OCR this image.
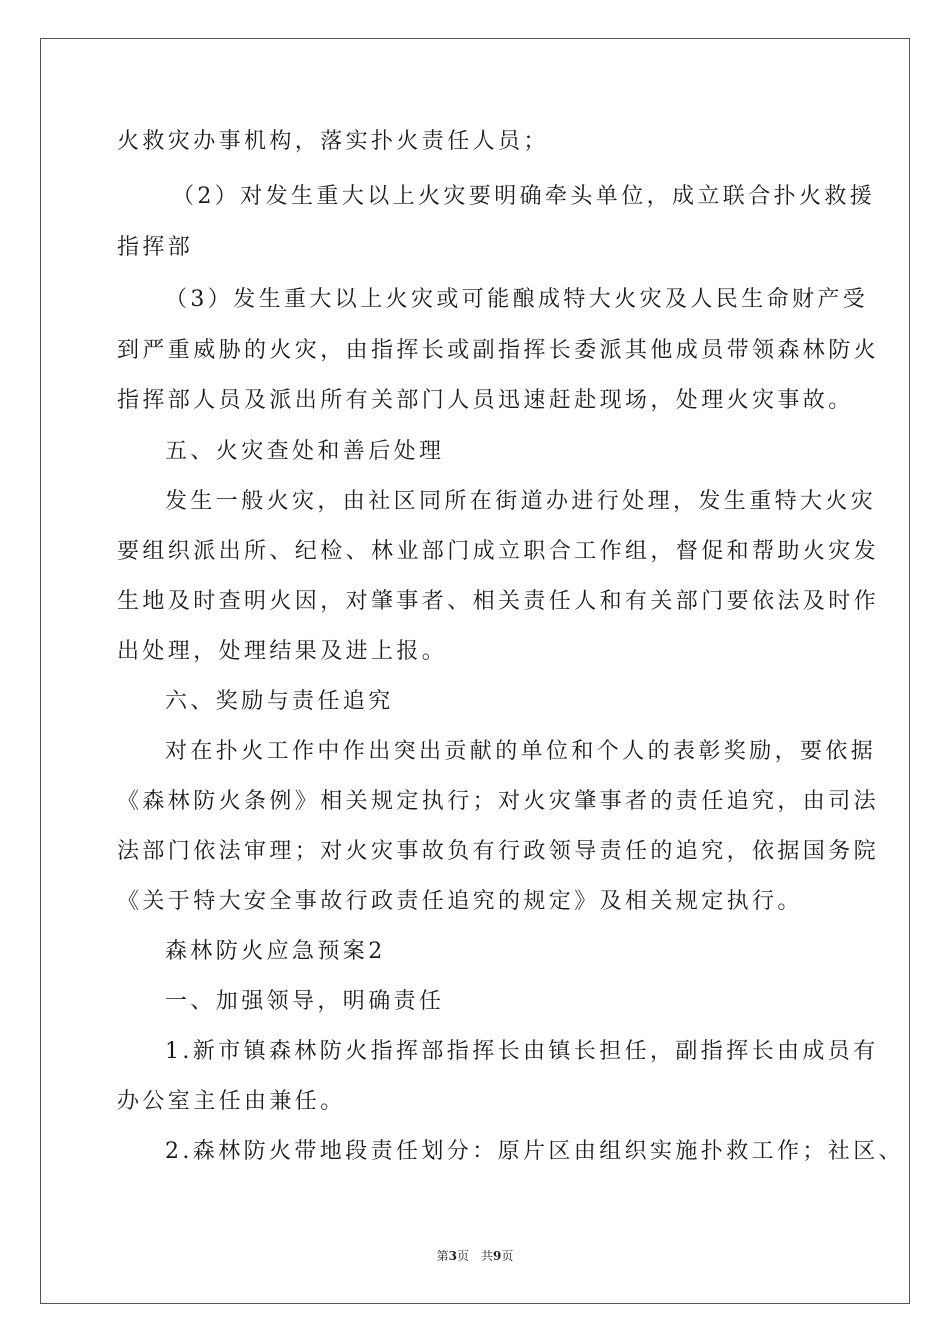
火救灾办事机构，落实扑火责任人员；
（2）对发生重大以上火灾要明确牵头单位，成立联合扑火救援
指挥部
（3）发生重大以上火灾或可能酿成特大火灾及人民生命财产受
到严重威胁的火灾，由指挥长或副指挥长委派其他成员带领森林防火
指挥部人员及派出所有关部门人员迅速赶赴现场，处理火灾事故。
五、火灾查处和善后处理
发生一般火灾，由社区同所在街道办进行处理，发生重特大火灾
要组织派出所、纪检、林业部门成立职合工作组，督促和帮助火灾发
生地及时查明火因，对肇事者、相关责任人和有关部门要依法及时作
出处理，处理结果及进上报。
六、奖励与责任追究
对在扑火工作中作出突出贡献的单位和个人的表彰奖励，要依据
《森林防火条例》相关规定执行；对火灾肇事者的责任追究，由司法
法部门依法审理；对火灾事故负有行政领导责任的追究，依据国务院
《关于特大安全事故行政责任追究的规定》及相关规定执行。
森林防火应急预案2
一、加强领导，明确责任
1.新市镇森林防火指挥部指挥长由镇长担任，副指挥长由成员有
办公室主任由兼任。
2.森林防火带地段责任划分：原片区由组织实施扑救工作；社区、
第3页　共9页
